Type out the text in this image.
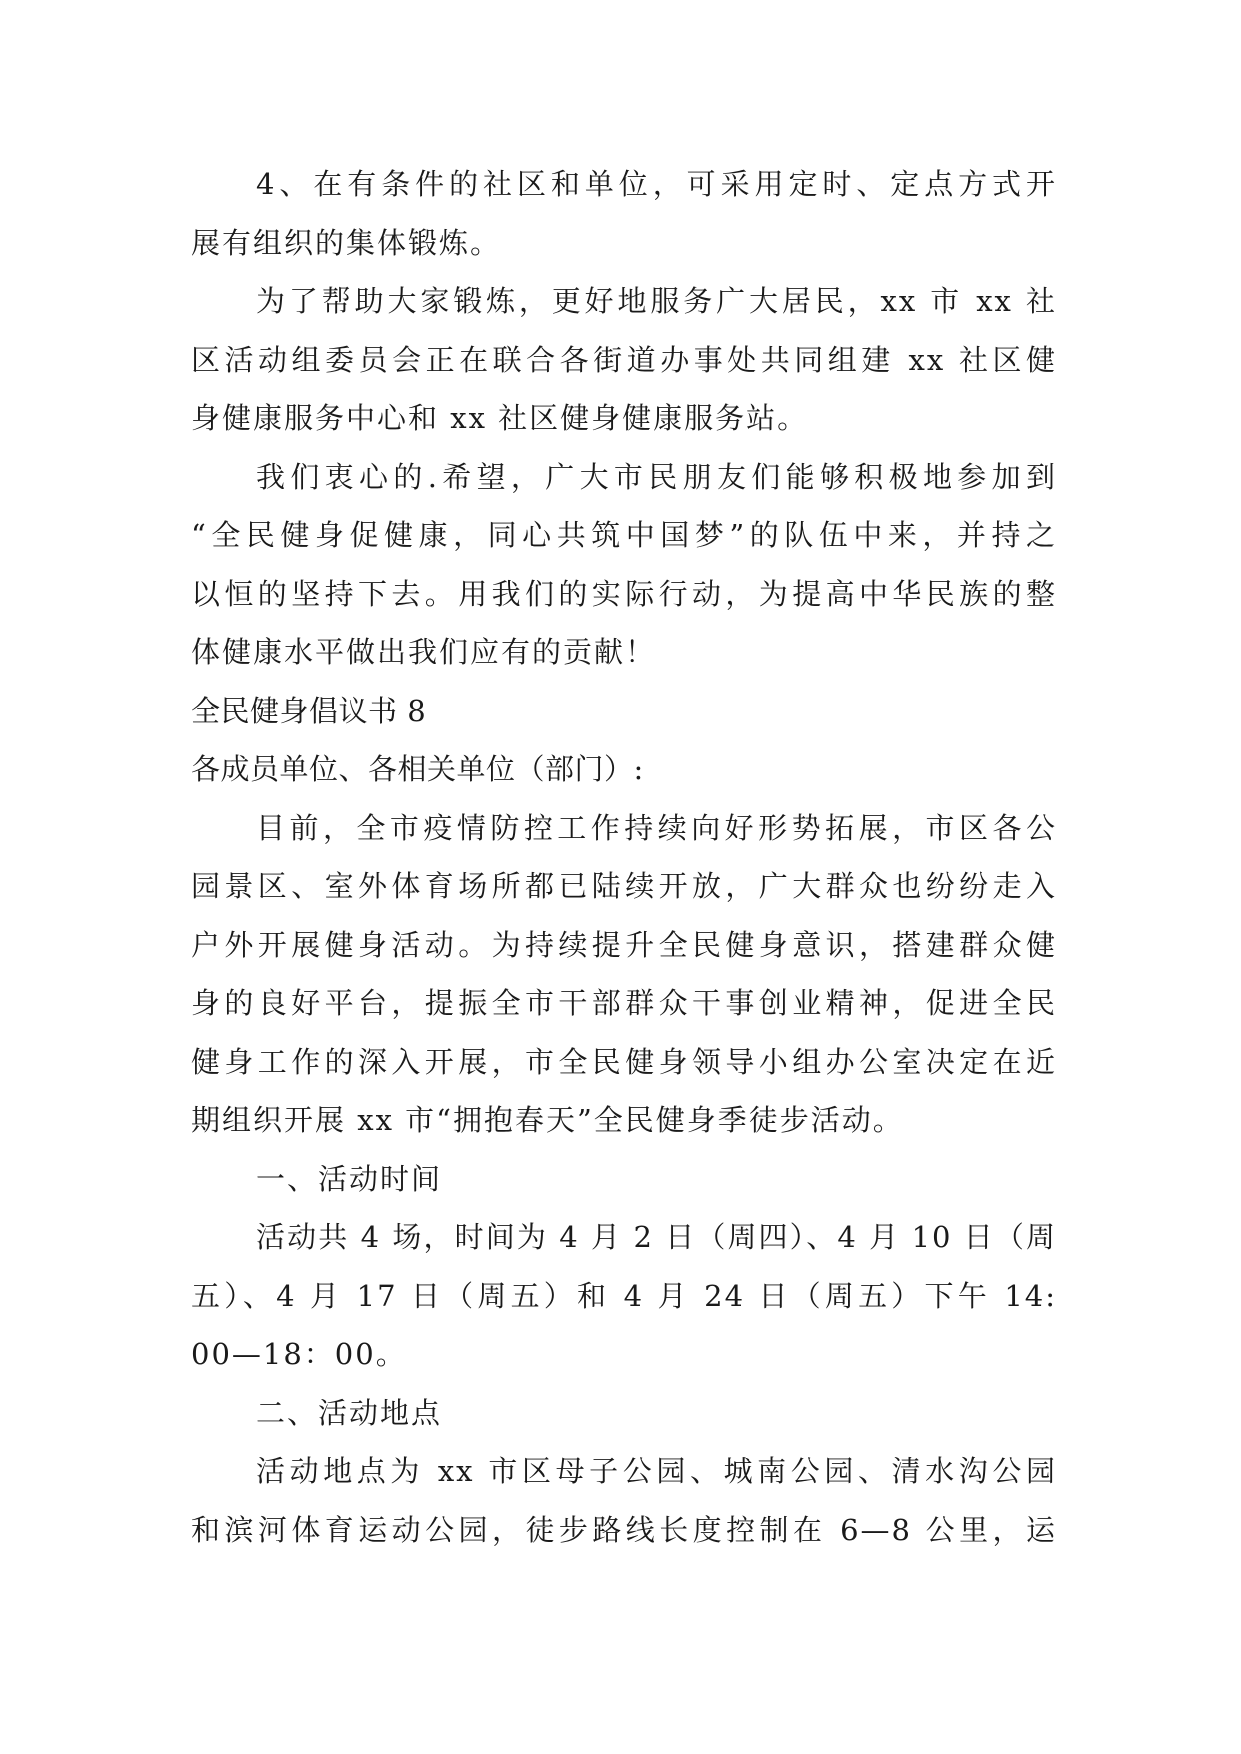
4、在有条件的社区和单位，可采用定时、定点方式开
展有组织的集体锻炼。
为了帮助大家锻炼，更好地服务广大居民，xx 市 xx 社
区活动组委员会正在联合各街道办事处共同组建 xx 社区健
身健康服务中心和 xx 社区健身健康服务站。
我们衷心的.希望，广大市民朋友们能够积极地参加到
“全民健身促健康，同心共筑中国梦”的队伍中来，并持之
以恒的坚持下去。用我们的实际行动，为提高中华民族的整
体健康水平做出我们应有的贡献！
全民健身倡议书 8
各成员单位、各相关单位（部门）:
目前，全市疫情防控工作持续向好形势拓展，市区各公
园景区、室外体育场所都已陆续开放，广大群众也纷纷走入
户外开展健身活动。为持续提升全民健身意识，搭建群众健
身的良好平台，提振全市干部群众干事创业精神，促进全民
健身工作的深入开展，市全民健身领导小组办公室决定在近
期组织开展 xx 市“拥抱春天”全民健身季徒步活动。
一、活动时间
活动共 4 场，时间为 4 月 2 日（周四）、4 月 10 日（周
五）、4 月 17 日（周五）和 4 月 24 日（周五）下午 14:
00—18：00。
二、活动地点
活动地点为 xx 市区母子公园、城南公园、清水沟公园
和滨河体育运动公园，徒步路线长度控制在 6—8 公里，运
